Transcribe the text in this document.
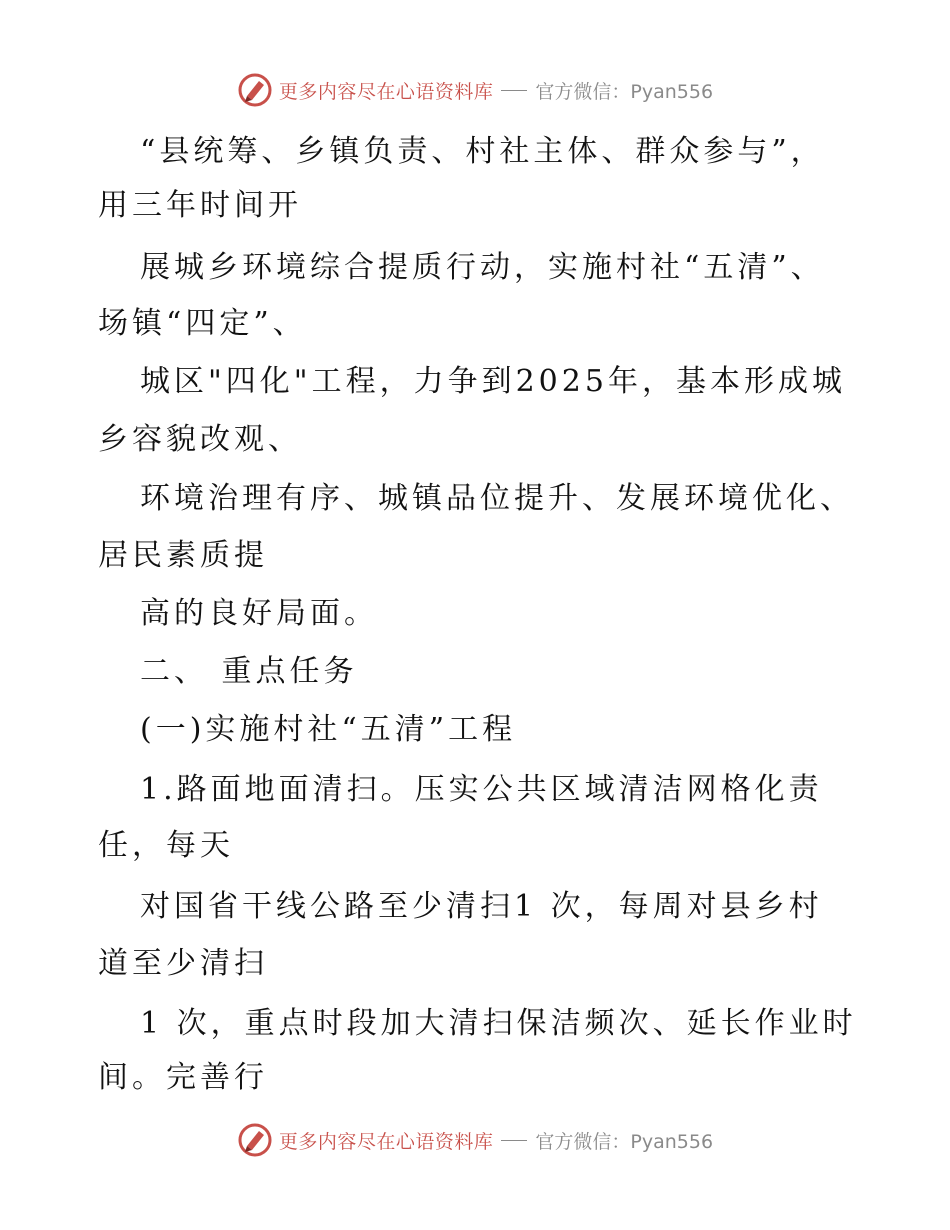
更多内容尽在心语资料库 官方微信：Pyan556
“县统筹、乡镇负责、村社主体、群众参与”，
用三年时间开
展城乡环境综合提质行动，实施村社“五清”、
场镇“四定”、
城区"四化"工程，力争到2025年，基本形成城
乡容貌改观、
环境治理有序、城镇品位提升、发展环境优化、
居民素质提
高的良好局面。
二、 重点任务
(一)实施村社“五清”工程
1.路面地面清扫。压实公共区域清洁网格化责
任，每天
对国省干线公路至少清扫1 次，每周对县乡村
道至少清扫
1 次，重点时段加大清扫保洁频次、延长作业时
间。完善行
更多内容尽在心语资料库 官方微信：Pyan556
